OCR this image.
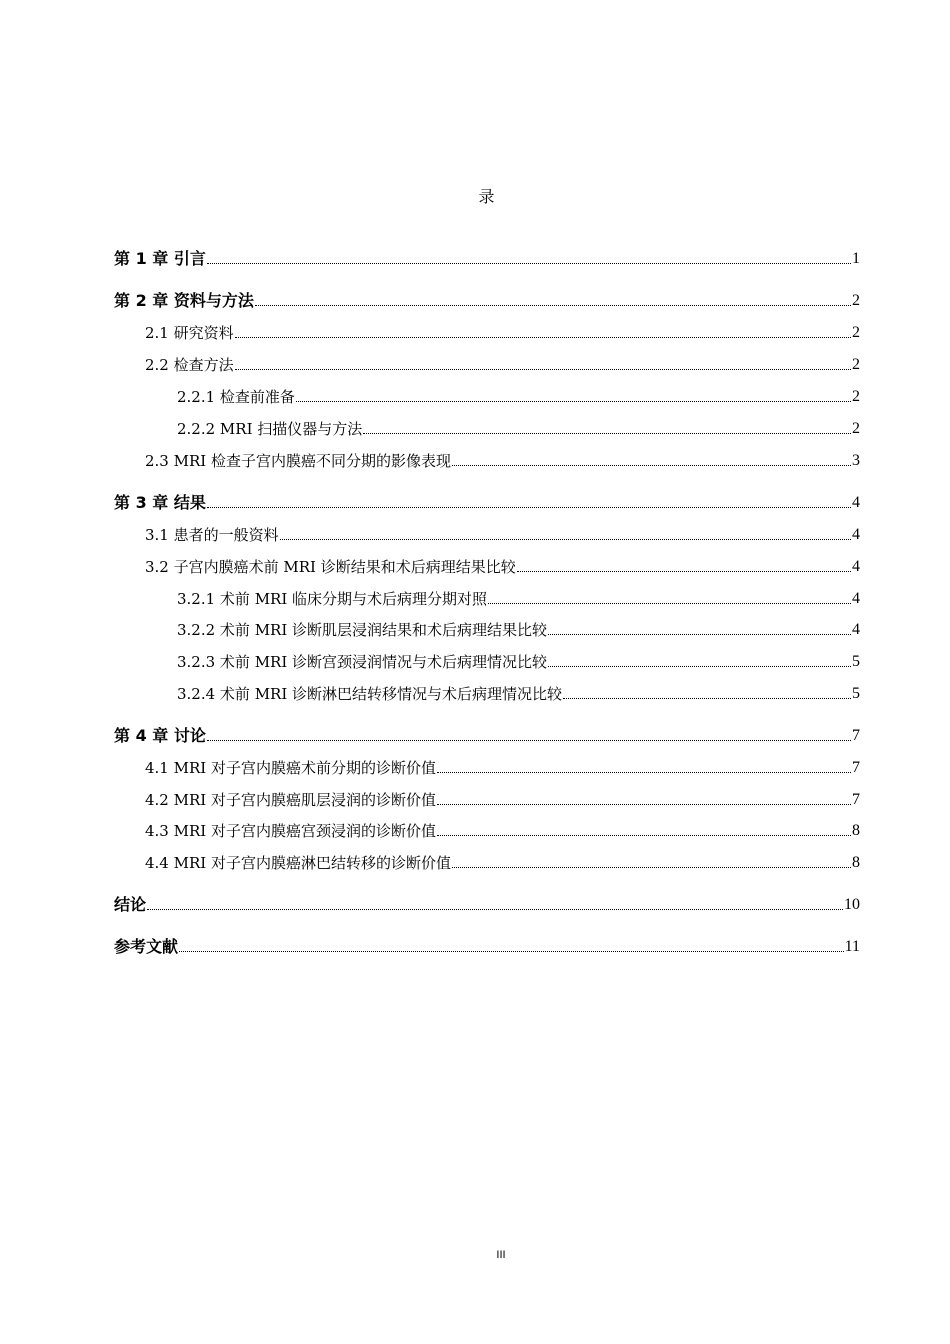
录
第 1 章 引言	1
第 2 章 资料与方法	2
2.1 研究资料	2
2.2 检查方法	2
2.2.1 检查前准备	2
2.2.2 MRI 扫描仪器与方法	2
2.3 MRI 检查子宫内膜癌不同分期的影像表现	3
第 3 章 结果	4
3.1 患者的一般资料	4
3.2 子宫内膜癌术前 MRI 诊断结果和术后病理结果比较	4
3.2.1 术前 MRI 临床分期与术后病理分期对照	4
3.2.2 术前 MRI 诊断肌层浸润结果和术后病理结果比较	4
3.2.3 术前 MRI 诊断宫颈浸润情况与术后病理情况比较	5
3.2.4 术前 MRI 诊断淋巴结转移情况与术后病理情况比较	5
第 4 章 讨论	7
4.1 MRI 对子宫内膜癌术前分期的诊断价值	7
4.2 MRI 对子宫内膜癌肌层浸润的诊断价值	7
4.3 MRI 对子宫内膜癌宫颈浸润的诊断价值	8
4.4 MRI 对子宫内膜癌淋巴结转移的诊断价值	8
结论	10
参考文献	11
III
